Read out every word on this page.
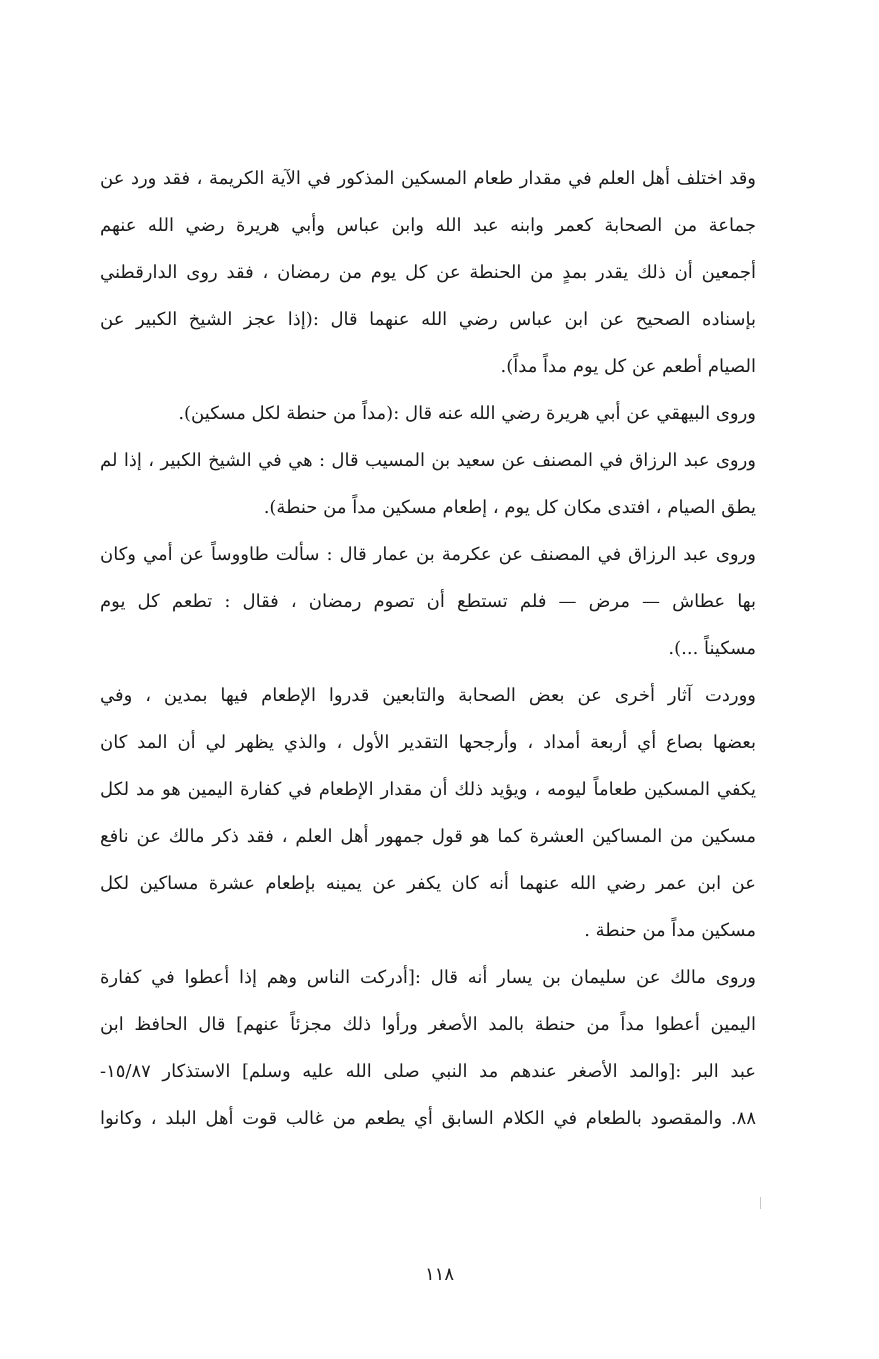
وقد اختلف أهل العلم في مقدار طعام المسكين المذكور في الآية الكريمة ، فقد ورد عن
جماعة من الصحابة كعمر وابنه عبد الله وابن عباس وأبي هريرة رضي الله عنهم
أجمعين أن ذلك يقدر بمدٍ من الحنطة عن كل يوم من رمضان ، فقد روى الدارقطني
بإسناده الصحيح عن ابن عباس رضي الله عنهما قال :(إذا عجز الشيخ الكبير عن
الصيام أطعم عن كل يوم مداً مداً).
وروى البيهقي عن أبي هريرة رضي الله عنه قال :(مداً من حنطة لكل مسكين).
وروى عبد الرزاق في المصنف عن سعيد بن المسيب قال : هي في الشيخ الكبير ، إذا لم
يطق الصيام ، افتدى مكان كل يوم ، إطعام مسكين مداً من حنطة).
وروى عبد الرزاق في المصنف عن عكرمة بن عمار قال : سألت طاووساً عن أمي وكان
بها عطاش — مرض — فلم تستطع أن تصوم رمضان ، فقال : تطعم كل يوم
مسكيناً ...).
ووردت آثار أخرى عن بعض الصحابة والتابعين قدروا الإطعام فيها بمدين ، وفي
بعضها بصاع أي أربعة أمداد ، وأرجحها التقدير الأول ، والذي يظهر لي أن المد كان
يكفي المسكين طعاماً ليومه ، ويؤيد ذلك أن مقدار الإطعام في كفارة اليمين هو مد لكل
مسكين من المساكين العشرة كما هو قول جمهور أهل العلم ، فقد ذكر مالك عن نافع
عن ابن عمر رضي الله عنهما أنه كان يكفر عن يمينه بإطعام عشرة مساكين لكل
مسكين مداً من حنطة .
وروى مالك عن سليمان بن يسار أنه قال :[أدركت الناس وهم إذا أعطوا في كفارة
اليمين أعطوا مداً من حنطة بالمد الأصغر ورأوا ذلك مجزئاً عنهم] قال الحافظ ابن
عبد البر :[والمد الأصغر عندهم مد النبي صلى الله عليه وسلم] الاستذكار ١٥/٨٧-
٨٨. والمقصود بالطعام في الكلام السابق أي يطعم من غالب قوت أهل البلد ، وكانوا
١١٨
